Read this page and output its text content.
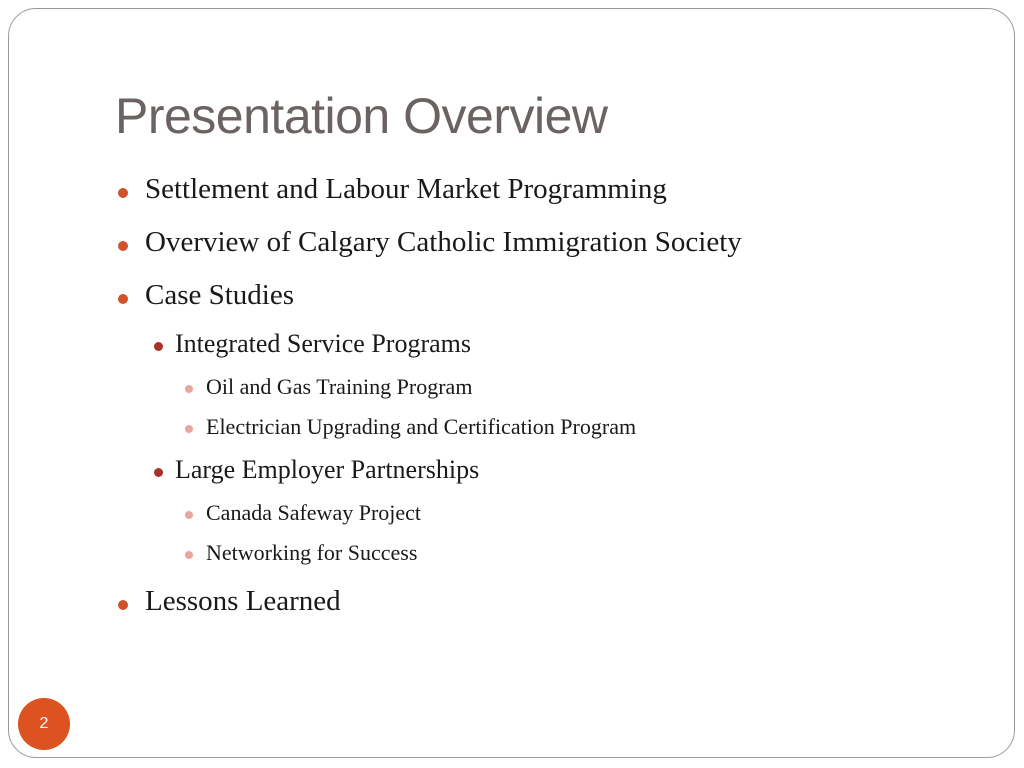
Presentation Overview
Settlement and Labour Market Programming
Overview of Calgary Catholic Immigration Society
Case Studies
Integrated Service Programs
Oil and Gas Training Program
Electrician Upgrading and Certification Program
Large Employer Partnerships
Canada Safeway Project
Networking for Success
Lessons Learned
2
